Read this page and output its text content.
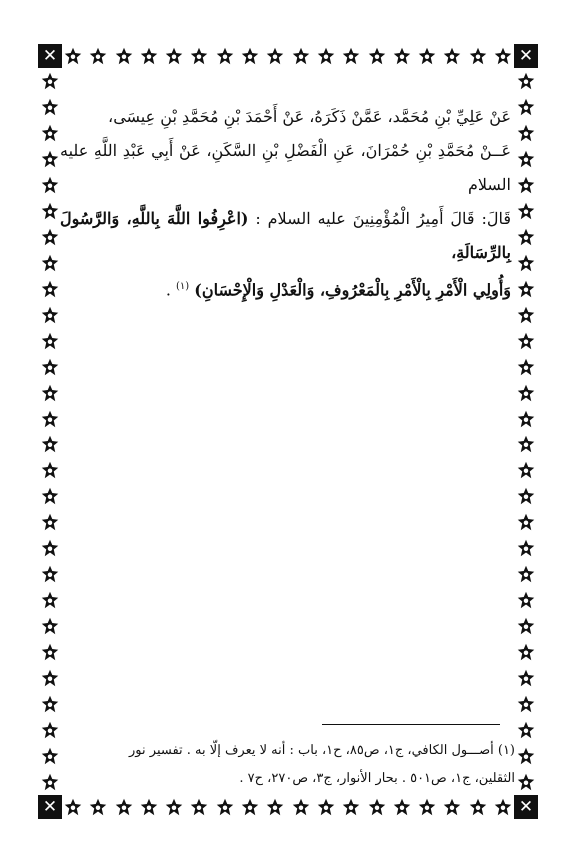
✕
✕
✕
✕

عَنْ عَلِيِّ بْنِ مُحَمَّد، عَمَّنْ ذَكَرَهُ، عَنْ أَحْمَدَ بْنِ مُحَمَّدِ بْنِ عِيسَى،

عَــنْ مُحَمَّدِ بْنِ حُمْرَانَ، عَنِ الْفَضْلِ بْنِ السَّكَنِ، عَنْ أَبِي عَبْدِ اللَّهِ عليه السلام

قَالَ: قَالَ أَمِيرُ الْمُؤْمِنِينَ عليه السلام : (اعْرِفُوا اللَّهَ بِاللَّهِ، وَالرَّسُولَ بِالرِّسَالَةِ،

وَأُولِي الْأَمْرِ بِالْأَمْرِ بِالْمَعْرُوفِ، وَالْعَدْلِ وَالْإِحْسَانِ) $^{(١)}$ .

(١) أصـــول الكافي، ج١، ص٨٥، ح١، باب : أنه لا يعرف إلّا به . تفسير نور

الثقلين، ج١، ص٥٠١ . بحار الأنوار، ج٣، ص٢٧٠، ح٧ .
